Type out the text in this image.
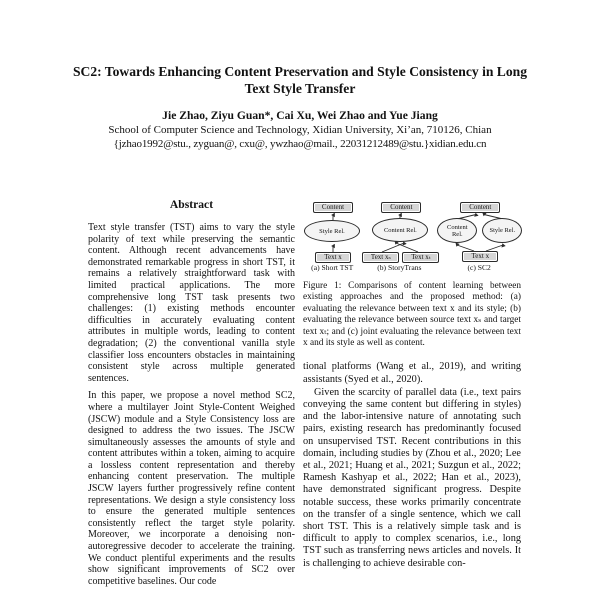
SC2: Towards Enhancing Content Preservation and Style Consistency in Long Text Style Transfer
Jie Zhao, Ziyu Guan*, Cai Xu, Wei Zhao and Yue Jiang
School of Computer Science and Technology, Xidian University, Xi’an, 710126, Chian
{jzhao1992@stu., zyguan@, cxu@, ywzhao@mail., 22031212489@stu.}xidian.edu.cn
Abstract

Text style transfer (TST) aims to vary the style polarity of text while preserving the semantic content. Although recent advancements have demonstrated remarkable progress in short TST, it remains a relatively straightforward task with limited practical applications. The more comprehensive long TST task presents two challenges: (1) existing methods encounter difficulties in accurately evaluating content attributes in multiple words, leading to content degradation; (2) the conventional vanilla style classifier loss encounters obstacles in maintaining consistent style across multiple generated sentences.

In this paper, we propose a novel method SC2, where a multilayer Joint Style-Content Weighed (JSCW) module and a Style Consistency loss are designed to address the two issues. The JSCW simultaneously assesses the amounts of style and content attributes within a token, aiming to acquire a lossless content representation and thereby enhancing content preservation. The multiple JSCW layers further progressively refine content representations. We design a style consistency loss to ensure the generated multiple sentences consistently reflect the target style polarity. Moreover, we incorporate a denoising non-autoregressive decoder to accelerate the training. We conduct plentiful experiments and the results show significant improvements of SC2 over competitive baselines. Our code

Content
Style Rel.
Text x
(a) Short TST
Content
Content Rel.
Text xₛ	Text xₜ
(b) StoryTrans
Content
Content Rel.	Style Rel.
Text x
(c) SC2
Figure 1: Comparisons of content learning between existing approaches and the proposed method: (a) evaluating the relevance between text x and its style; (b) evaluating the relevance between source text xₛ and target text xₜ; and (c) joint evaluating the relevance between text x and its style as well as content.

tional platforms (Wang et al., 2019), and writing assistants (Syed et al., 2020).

Given the scarcity of parallel data (i.e., text pairs conveying the same content but differing in styles) and the labor-intensive nature of annotating such pairs, existing research has predominantly focused on unsupervised TST. Recent contributions in this domain, including studies by (Zhou et al., 2020; Lee et al., 2021; Huang et al., 2021; Suzgun et al., 2022; Ramesh Kashyap et al., 2022; Han et al., 2023), have demonstrated significant progress. Despite notable success, these works primarily concentrate on the transfer of a single sentence, which we call short TST. This is a relatively simple task and is difficult to apply to complex scenarios, i.e., long TST such as transferring news articles and novels. It is challenging to achieve desirable con-
